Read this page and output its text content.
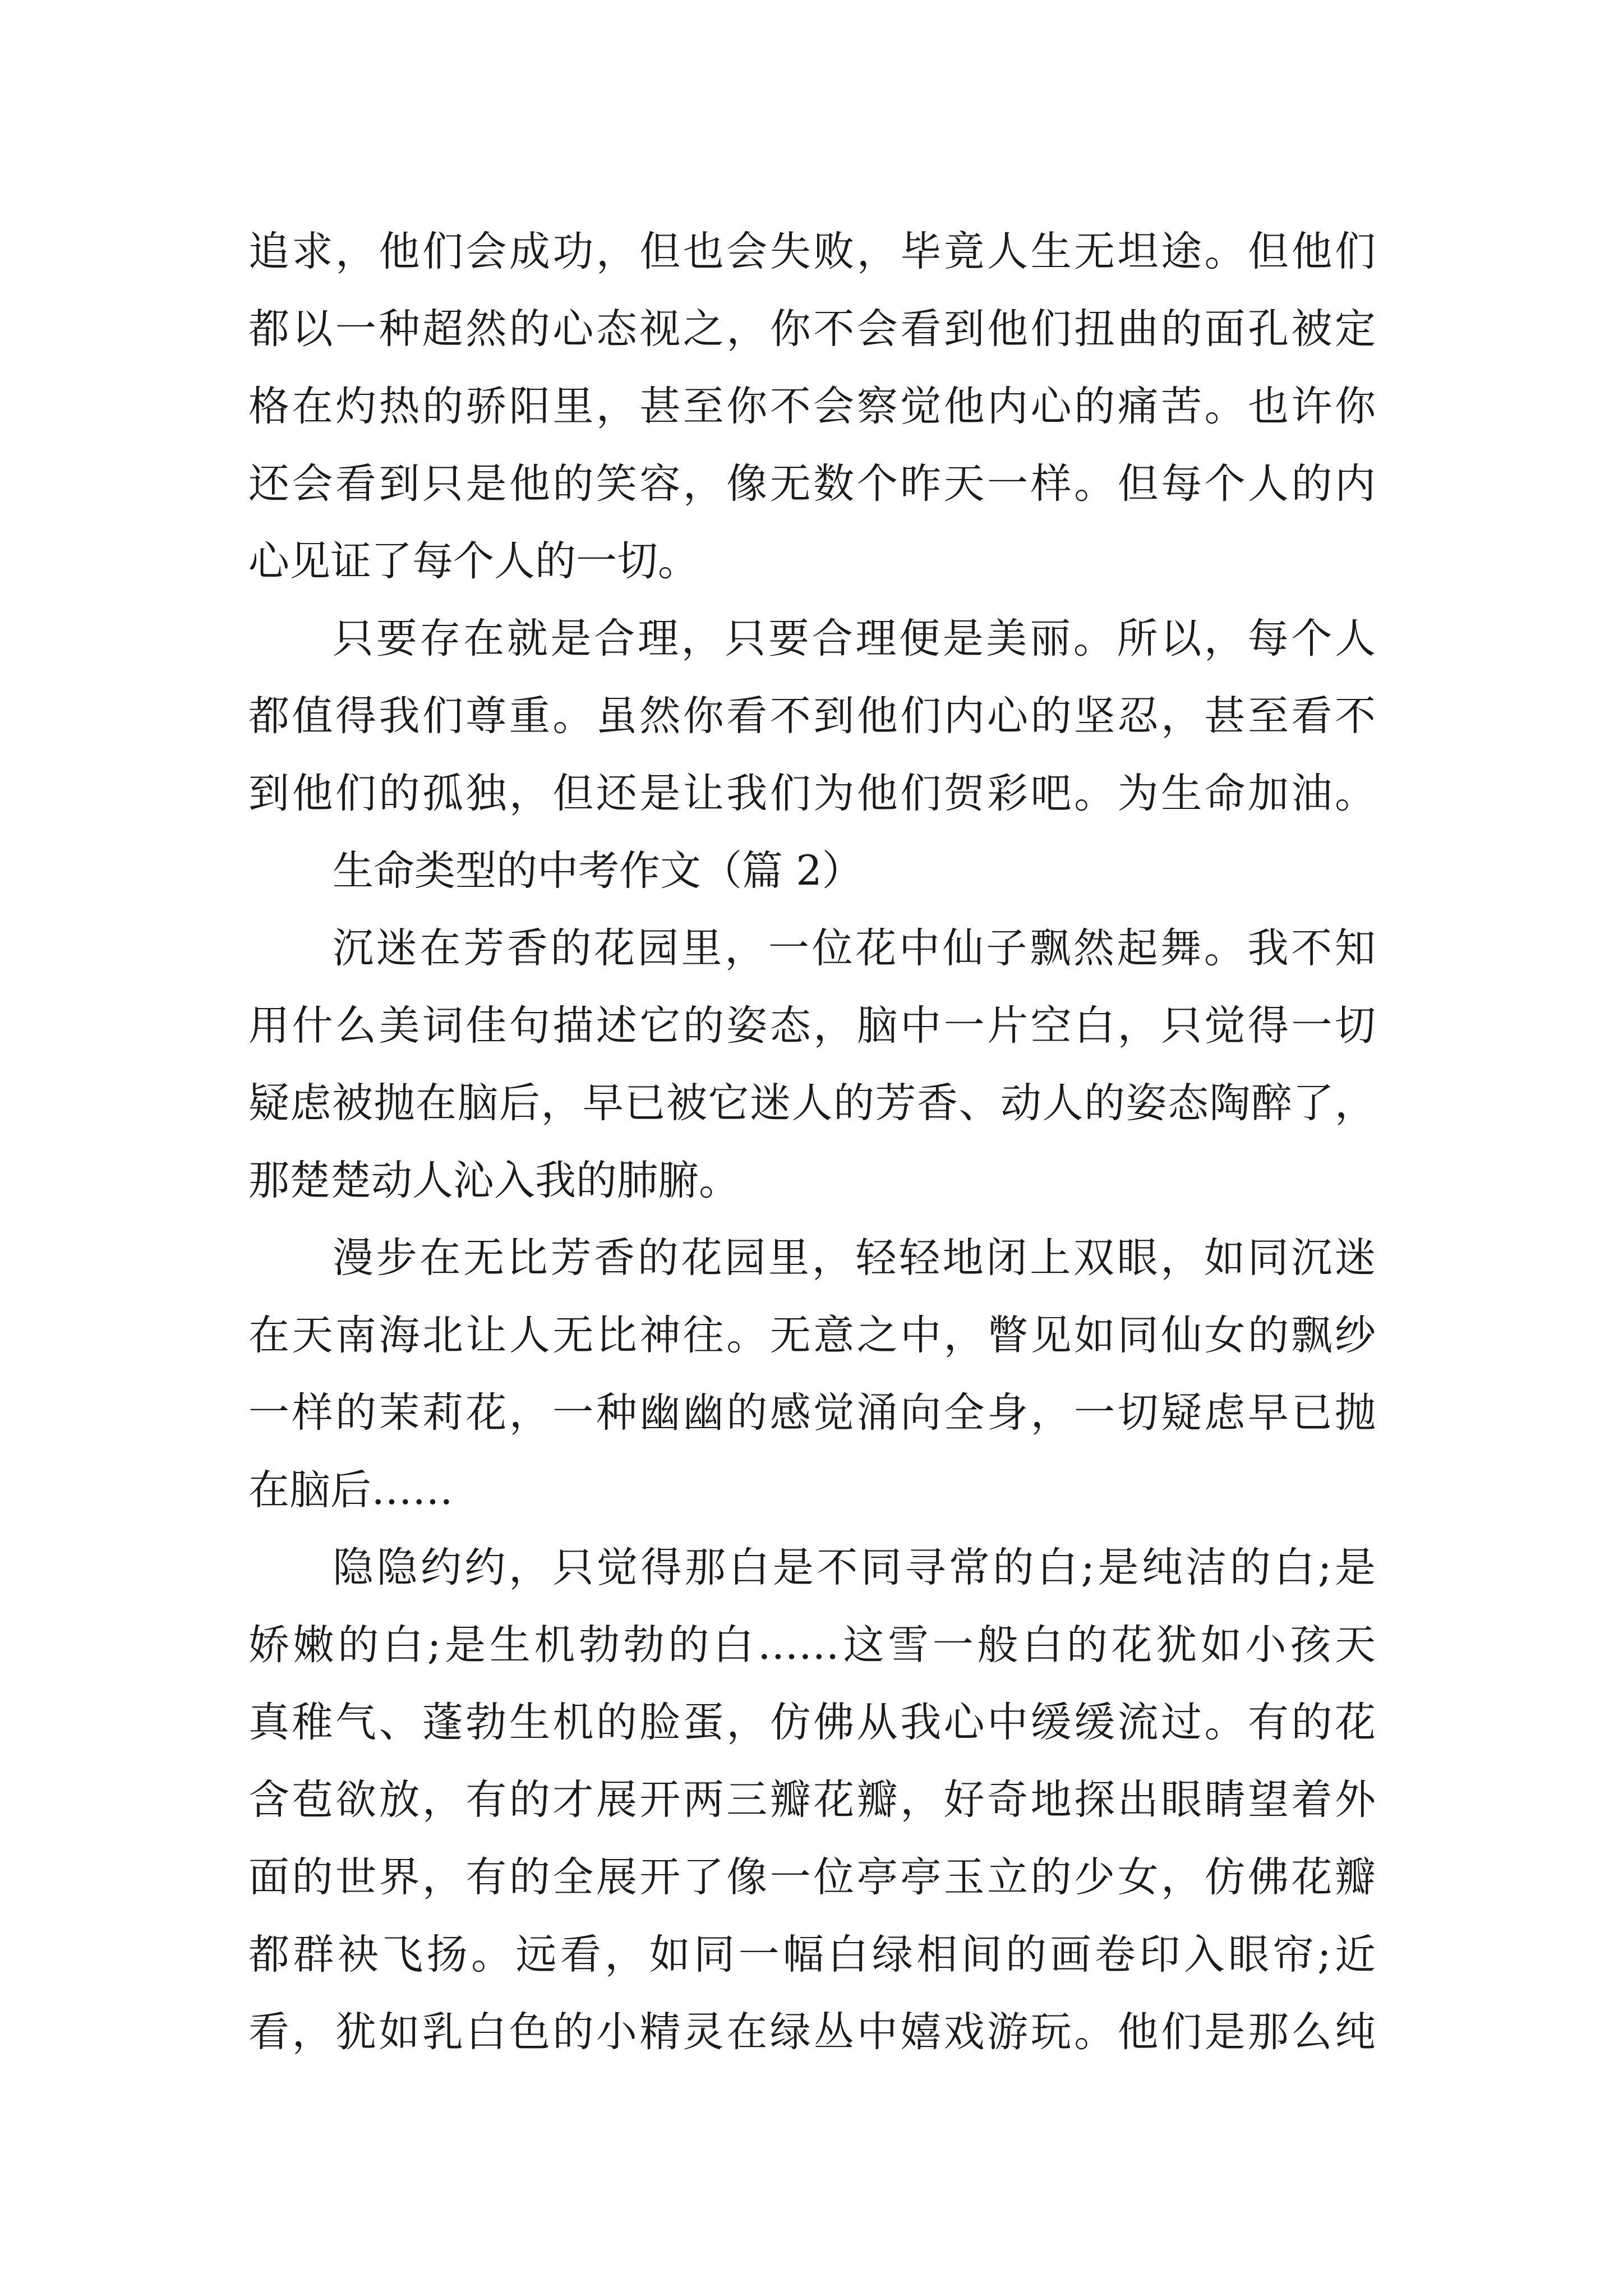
追求，他们会成功，但也会失败，毕竟人生无坦途。但他们
都以一种超然的心态视之，你不会看到他们扭曲的面孔被定
格在灼热的骄阳里，甚至你不会察觉他内心的痛苦。也许你
还会看到只是他的笑容，像无数个昨天一样。但每个人的内
心见证了每个人的一切。
只要存在就是合理，只要合理便是美丽。所以，每个人
都值得我们尊重。虽然你看不到他们内心的坚忍，甚至看不
到他们的孤独，但还是让我们为他们贺彩吧。为生命加油。
生命类型的中考作文（篇 2）
沉迷在芳香的花园里，一位花中仙子飘然起舞。我不知
用什么美词佳句描述它的姿态，脑中一片空白，只觉得一切
疑虑被抛在脑后，早已被它迷人的芳香、动人的姿态陶醉了，
那楚楚动人沁入我的肺腑。
漫步在无比芳香的花园里，轻轻地闭上双眼，如同沉迷
在天南海北让人无比神往。无意之中，瞥见如同仙女的飘纱
一样的茉莉花，一种幽幽的感觉涌向全身，一切疑虑早已抛
在脑后……
隐隐约约，只觉得那白是不同寻常的白;是纯洁的白;是
娇嫩的白;是生机勃勃的白……这雪一般白的花犹如小孩天
真稚气、蓬勃生机的脸蛋，仿佛从我心中缓缓流过。有的花
含苞欲放，有的才展开两三瓣花瓣，好奇地探出眼睛望着外
面的世界，有的全展开了像一位亭亭玉立的少女，仿佛花瓣
都群袂飞扬。远看，如同一幅白绿相间的画卷印入眼帘;近
看，犹如乳白色的小精灵在绿丛中嬉戏游玩。他们是那么纯
